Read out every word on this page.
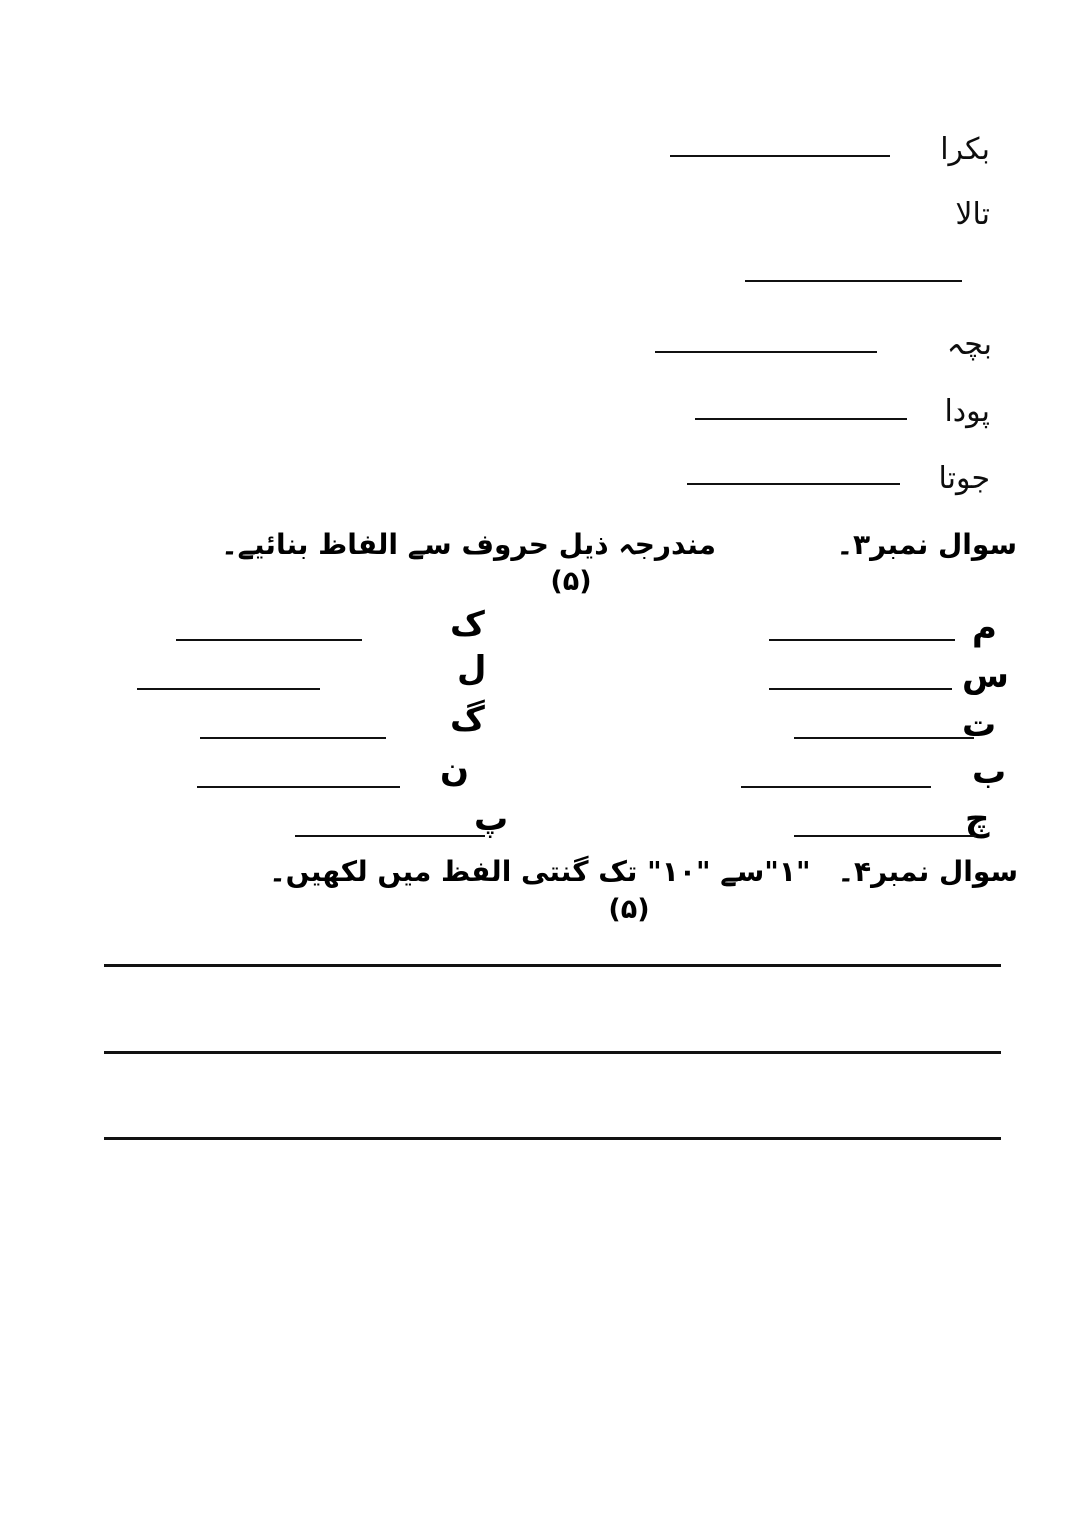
بکرا
تالا
بچہ
پودا
جوتا
سوال نمبر۳۔
مندرجہ ذیل حروف سے الفاظ بنائیے۔
(۵)
م
س
ت
ب
چ
ک
ل
گ
ن
پ
سوال نمبر۴۔ "۱"سے "۱۰" تک گنتی الفظ میں لکھیں۔
(۵)
